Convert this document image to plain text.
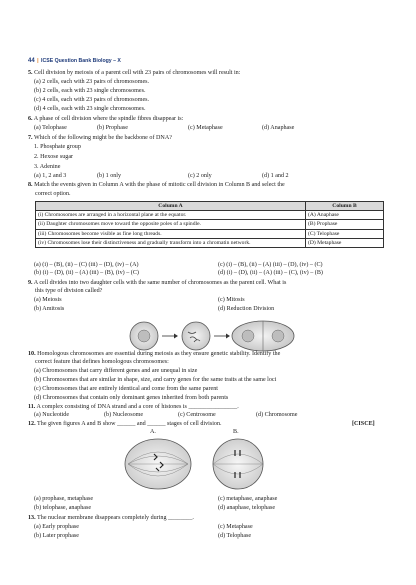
44 | ICSE Question Bank Biology – X
5. Cell division by meiosis of a parent cell with 23 pairs of chromosomes will result in:
(a) 2 cells, each with 23 pairs of chromosomes.
(b) 2 cells, each with 23 single chromosomes.
(c) 4 cells, each with 23 pairs of chromosomes.
(d) 4 cells, each with 23 single chromosomes.
6. A phase of cell division where the spindle fibres disappear is:
(a) Telophase	(b) Prophase	(c) Metaphase	(d) Anaphase
7. Which of the following might be the backbone of DNA?
1. Phosphate group
2. Hexose sugar
3. Adenine
(a) 1, 2 and 3	(b) 1 only	(c) 2 only	(d) 1 and 2
8. Match the events given in Column A with the phase of mitotic cell division in Column B and select the
correct option.
Column A	Column B
(i) Chromosomes are arranged in a horizontal plane at the equator.	(A) Anaphase
(ii) Daughter chromosomes move toward the opposite poles of a spindle.	(B) Prophase
(iii) Chromosomes become visible as fine long threads.	(C) Telophase
(iv) Chromosomes lose their distinctiveness and gradually transform into a chromatin network.	(D) Metaphase
(a) (i) – (B), (ii) – (C) (iii) – (D), (iv) – (A)
(b) (i) – (D), (ii) – (A) (iii) – (B), (iv) – (C)
(c) (i) – (B), (ii) – (A) (iii) – (D), (iv) – (C)
(d) (i) – (D), (ii) – (A) (iii) – (C), (iv) – (B)
9. A cell divides into two daughter cells with the same number of chromosomes as the parent cell. What is
this type of division called?
(a) Meiosis
(b) Amitosis
(c) Mitosis
(d) Reduction Division
10. Homologous chromosomes are essential during meiosis as they ensure genetic stability. Identify the
correct feature that defines homologous chromosomes:
(a) Chromosomes that carry different genes and are unequal in size
(b) Chromosomes that are similar in shape, size, and carry genes for the same traits at the same loci
(c) Chromosomes that are entirely identical and come from the same parent
(d) Chromosomes that contain only dominant genes inherited from both parents
11. A complex consisting of DNA strand and a core of histones is ________________.
(a) Nucleotide	(b) Nucleosome	(c) Centrosome	(d) Chromosome
12. The given figures A and B show ______ and ______ stages of cell division.	[CISCE]
A.	B.
(a) prophase, metaphase
(b) telophase, anaphase
(c) metaphase, anaphase
(d) anaphase, telophase
13. The nuclear membrane disappears completely during ________.
(a) Early prophase
(b) Later prophase
(c) Metaphase
(d) Telophase
